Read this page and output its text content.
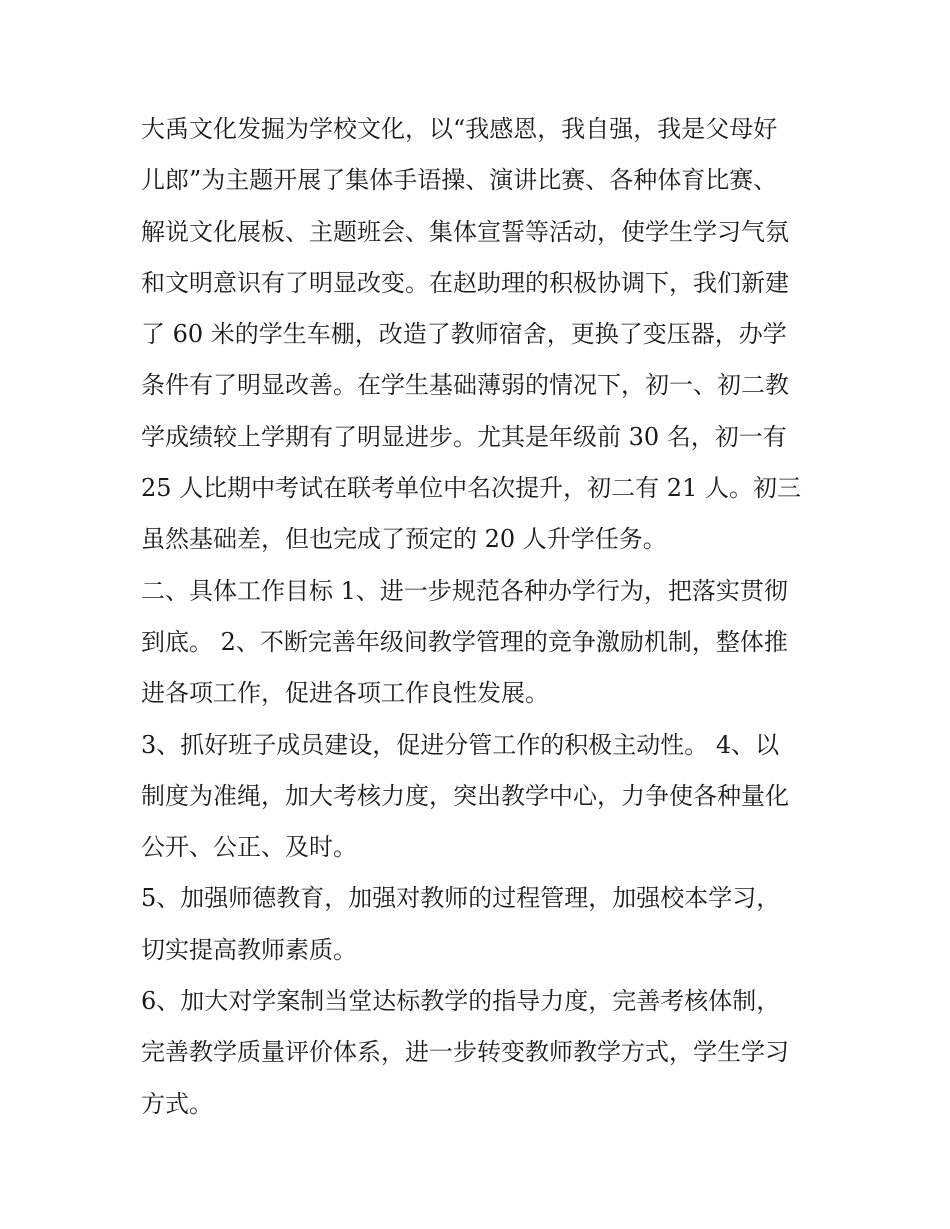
大禹文化发掘为学校文化，以“我感恩，我自强，我是父母好
儿郎”为主题开展了集体手语操、演讲比赛、各种体育比赛、
解说文化展板、主题班会、集体宣誓等活动，使学生学习气氛
和文明意识有了明显改变。在赵助理的积极协调下，我们新建
了 60 米的学生车棚，改造了教师宿舍，更换了变压器，办学
条件有了明显改善。在学生基础薄弱的情况下，初一、初二教
学成绩较上学期有了明显进步。尤其是年级前 30 名，初一有
25 人比期中考试在联考单位中名次提升，初二有 21 人。初三
虽然基础差，但也完成了预定的 20 人升学任务。
二、具体工作目标 1、进一步规范各种办学行为，把落实贯彻
到底。 2、不断完善年级间教学管理的竞争激励机制，整体推
进各项工作，促进各项工作良性发展。
3、抓好班子成员建设，促进分管工作的积极主动性。 4、以
制度为准绳，加大考核力度，突出教学中心，力争使各种量化
公开、公正、及时。
5、加强师德教育，加强对教师的过程管理，加强校本学习，
切实提高教师素质。
6、加大对学案制当堂达标教学的指导力度，完善考核体制，
完善教学质量评价体系，进一步转变教师教学方式，学生学习
方式。
